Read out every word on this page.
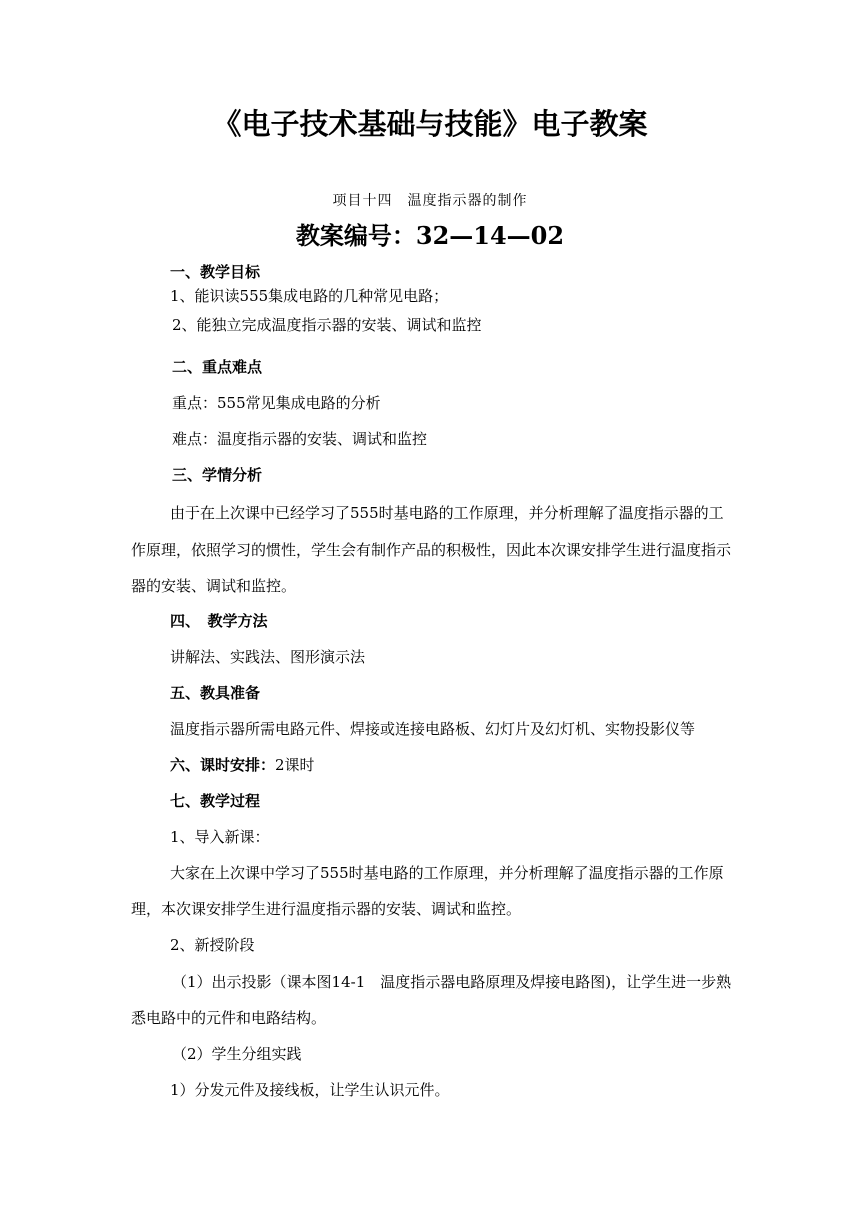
《电子技术基础与技能》电子教案
项目十四　温度指示器的制作
教案编号：32—14—02
一、教学目标
1、能识读555集成电路的几种常见电路；
2、能独立完成温度指示器的安装、调试和监控
二、重点难点
重点：555常见集成电路的分析
难点：温度指示器的安装、调试和监控
三、学情分析
由于在上次课中已经学习了555时基电路的工作原理，并分析理解了温度指示器的工
作原理，依照学习的惯性，学生会有制作产品的积极性，因此本次课安排学生进行温度指示
器的安装、调试和监控。
四、　教学方法
讲解法、实践法、图形演示法
五、教具准备
温度指示器所需电路元件、焊接或连接电路板、幻灯片及幻灯机、实物投影仪等
六、课时安排：2课时
七、教学过程
1、导入新课：
大家在上次课中学习了555时基电路的工作原理，并分析理解了温度指示器的工作原
理，本次课安排学生进行温度指示器的安装、调试和监控。
2、新授阶段
（1）出示投影（课本图14-1　温度指示器电路原理及焊接电路图)，让学生进一步熟
悉电路中的元件和电路结构。
（2）学生分组实践
1）分发元件及接线板，让学生认识元件。
